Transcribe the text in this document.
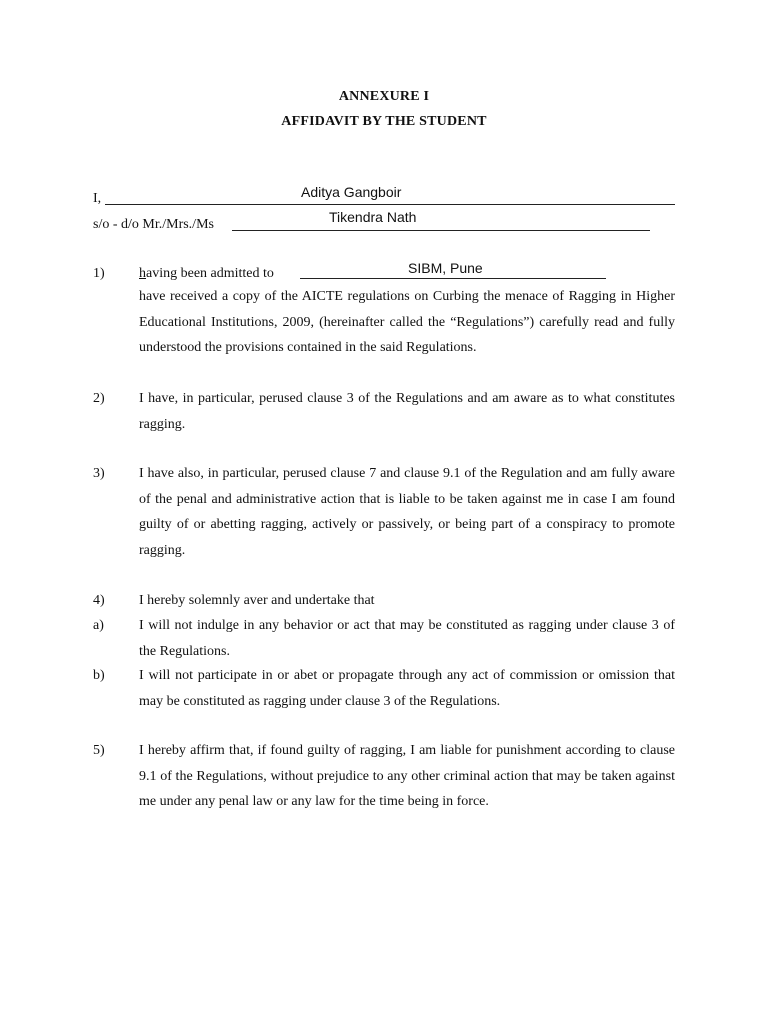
ANNEXURE I
AFFIDAVIT BY THE STUDENT
I,	Aditya Gangboir
s/o - d/o Mr./Mrs./Ms	Tikendra Nath
1) having been admitted to	SIBM, Pune
have received a copy of the AICTE regulations on Curbing the menace of Ragging in Higher Educational Institutions, 2009, (hereinafter called the “Regulations”) carefully read and fully understood the provisions contained in the said Regulations.
2) I have, in particular, perused clause 3 of the Regulations and am aware as to what constitutes ragging.
3) I have also, in particular, perused clause 7 and clause 9.1 of the Regulation and am fully aware of the penal and administrative action that is liable to be taken against me in case I am found guilty of or abetting ragging, actively or passively, or being part of a conspiracy to promote ragging.
4) I hereby solemnly aver and undertake that
a)	I will not indulge in any behavior or act that may be constituted as ragging under clause 3 of the Regulations.
b) I will not participate in or abet or propagate through any act of commission or omission that may be constituted as ragging under clause 3 of the Regulations.
5) I hereby affirm that, if found guilty of ragging, I am liable for punishment according to clause 9.1 of the Regulations, without prejudice to any other criminal action that may be taken against me under any penal law or any law for the time being in force.
